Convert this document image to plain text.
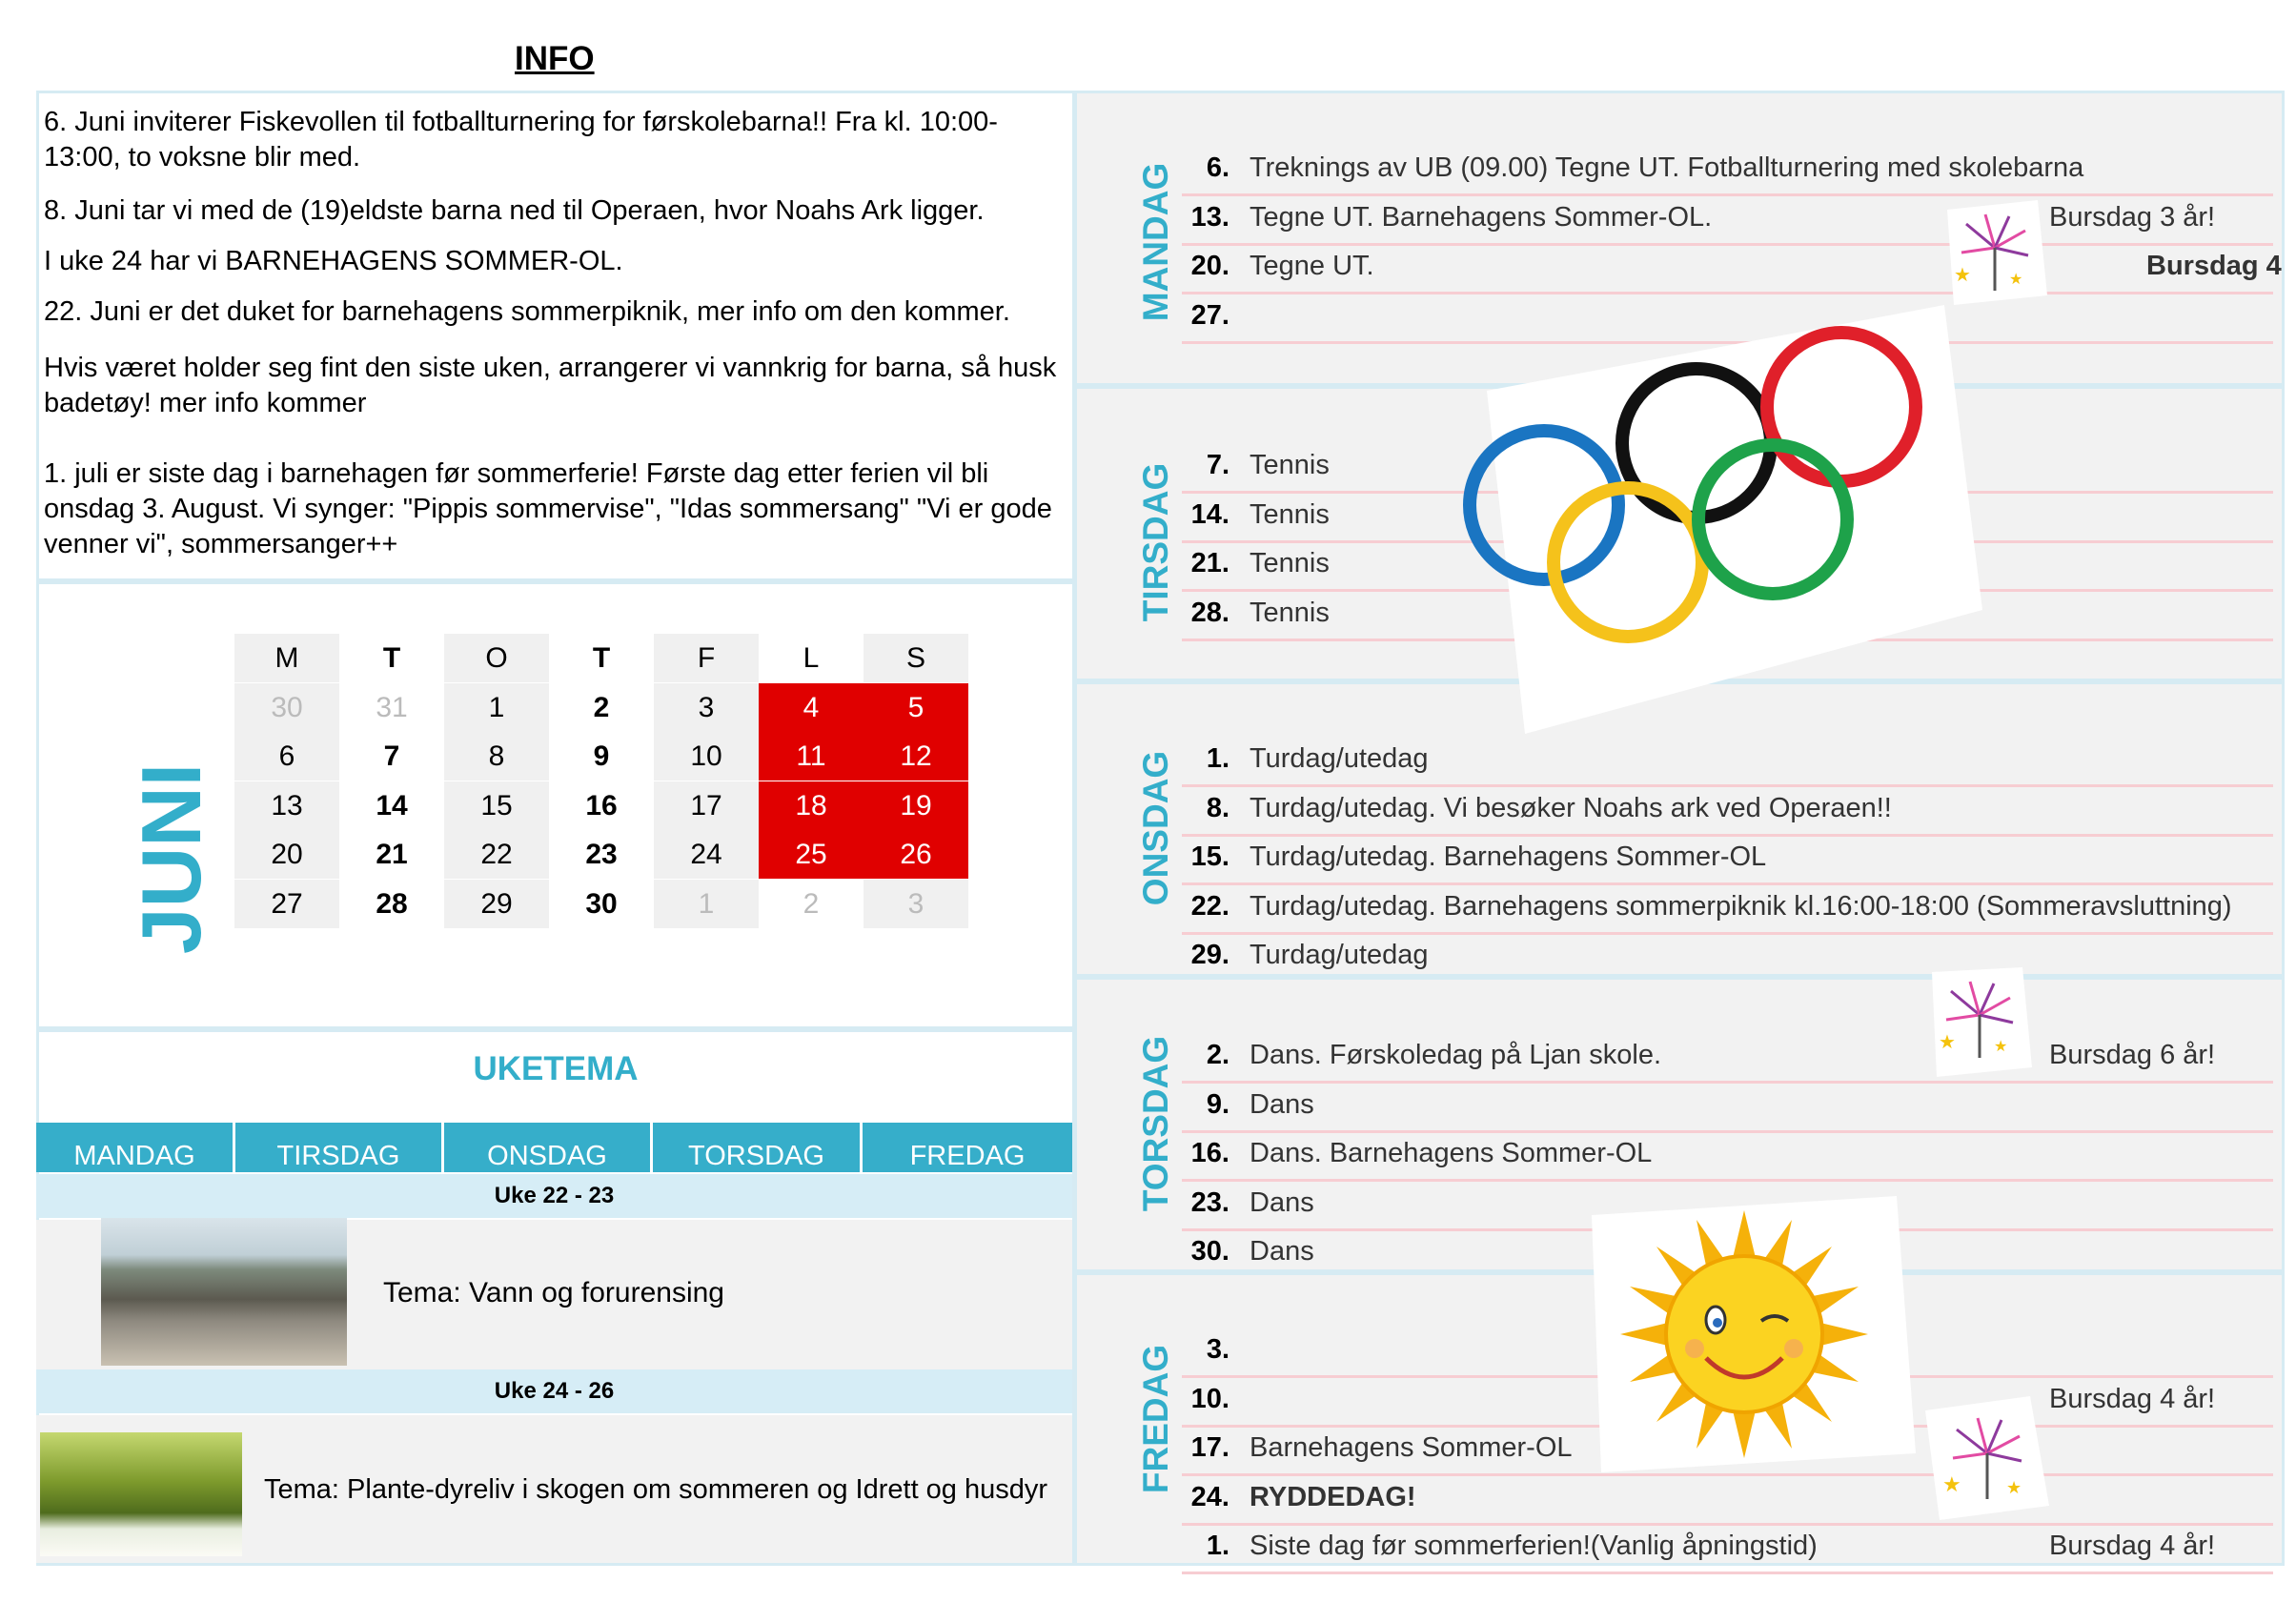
INFO
6. Juni inviterer Fiskevollen til fotballturnering for førskolebarna!! Fra kl. 10:00-13:00, to voksne blir med.
8. Juni tar vi med de (19)eldste barna ned til Operaen, hvor Noahs Ark ligger.
I uke 24 har vi BARNEHAGENS SOMMER-OL.
22. Juni er det duket for barnehagens sommerpiknik, mer info om den kommer.
Hvis været holder seg fint den siste uken, arrangerer vi vannkrig for barna, så husk badetøy! mer info kommer
1. juli er siste dag i barnehagen før sommerferie! Første dag etter ferien vil bli onsdag 3. August. Vi synger: "Pippis sommervise", "Idas sommersang" "Vi er gode venner vi", sommersanger++
JUNI
M	T	O	T	F	L	S
30	31	1	2	3	4	5
6	7	8	9	10	11	12
13	14	15	16	17	18	19
20	21	22	23	24	25	26
27	28	29	30	1	2	3
UKETEMA
MANDAG	TIRSDAG	ONSDAG	TORSDAG	FREDAG
Uke 22 - 23
Tema: Vann og forurensing
Uke 24 - 26
Tema: Plante-dyreliv i skogen om sommeren og Idrett og husdyr
MANDAG	6. Treknings av UB (09.00) Tegne UT. Fotballturnering med skolebarna
13. Tegne UT. Barnehagens Sommer-OL.	Bursdag 3 år!
20. Tegne UT.	Bursdag 4
27.
TIRSDAG	7. Tennis
14. Tennis
21. Tennis
28. Tennis
ONSDAG	1. Turdag/utedag
8. Turdag/utedag. Vi besøker Noahs ark ved Operaen!!
15. Turdag/utedag. Barnehagens Sommer-OL
22. Turdag/utedag. Barnehagens sommerpiknik kl.16:00-18:00 (Sommeravsluttning)
29. Turdag/utedag
TORSDAG	2. Dans. Førskoledag på Ljan skole.	Bursdag 6 år!
9. Dans
16. Dans. Barnehagens Sommer-OL
23. Dans
30. Dans
FREDAG	3.
10.	Bursdag 4 år!
17. Barnehagens Sommer-OL
24. RYDDEDAG!
1. Siste dag før sommerferien!(Vanlig åpningstid)	Bursdag 4 år!
★	★
★	★
★	★
